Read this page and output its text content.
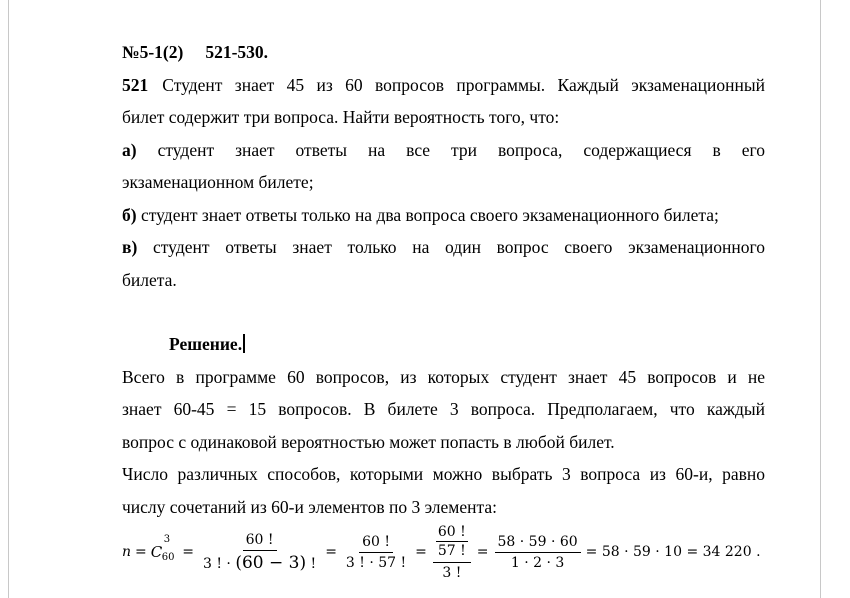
№5-1(2) 521-530.
521 Студент знает 45 из 60 вопросов программы. Каждый экзаменационный
билет содержит три вопроса. Найти вероятность того, что:
а) студент знает ответы на все три вопроса, содержащиеся в его
экзаменационном билете;
б) студент знает ответы только на два вопроса своего экзаменационного билета;
в) студент ответы знает только на один вопрос своего экзаменационного
билета.
Решение.
Всего в программе 60 вопросов, из которых студент знает 45 вопросов и не
знает 60-45 = 15 вопросов. В билете 3 вопроса. Предполагаем, что каждый
вопрос с одинаковой вероятностью может попасть в любой билет.
Число различных способов, которыми можно выбрать 3 вопроса из 60-и, равно
числу сочетаний из 60-и элементов по 3 элемента:
n = C
3
$60 = \frac{60 !}{3 ! \cdot (60 - 3) !} = \frac{60 !}{3 ! \cdot 57 !} = \frac{\frac{60 !}{57 !}}{3 !} = \frac{58 \cdot 59 \cdot 60}{1 \cdot 2 \cdot 3} = 58 \cdot 59 \cdot 10 = 34$ 220 .
